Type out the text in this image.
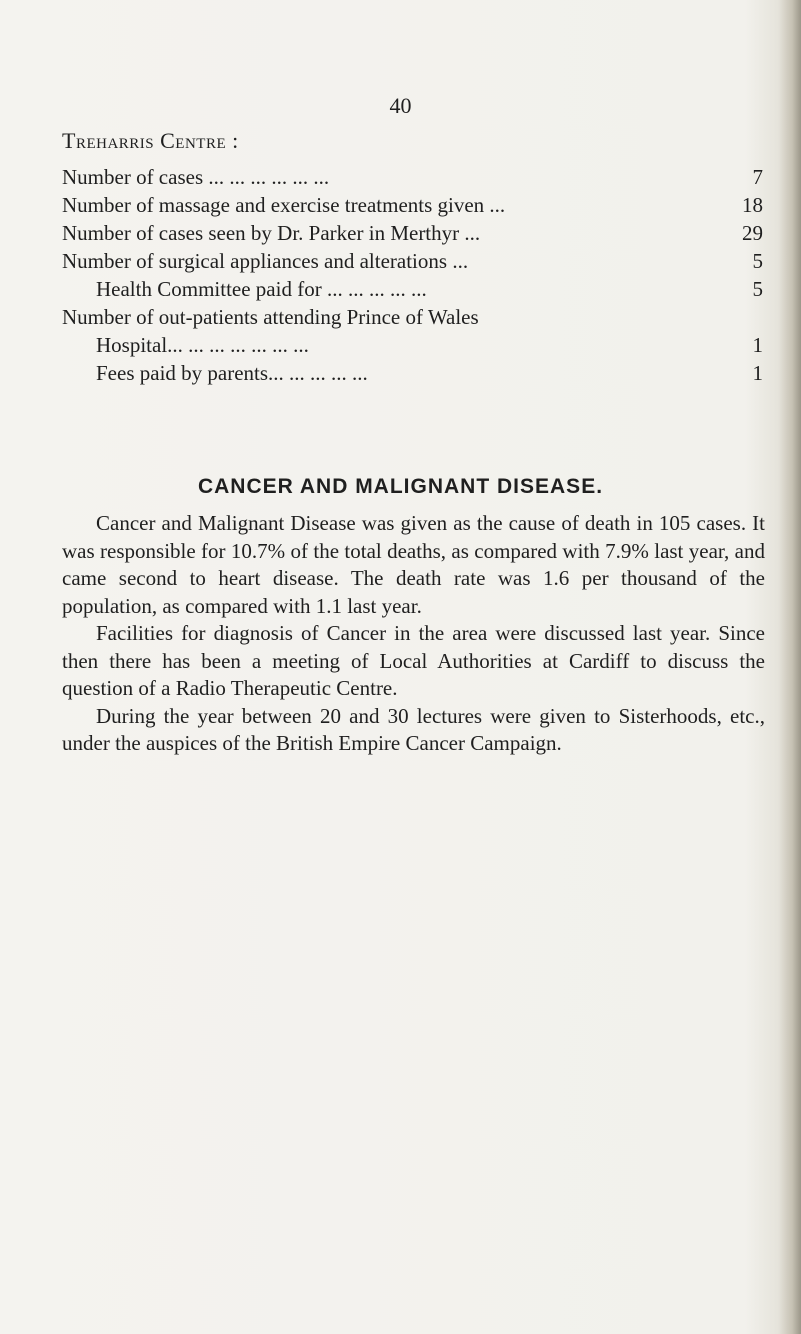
40
Treharris Centre :
Number of cases ... ... ... ... ... ...	7
Number of massage and exercise treatments given ...	18
Number of cases seen by Dr. Parker in Merthyr ...	29
Number of surgical appliances and alterations ...	5
Health Committee paid for ... ... ... ... ...	5
Number of out-patients attending Prince of Wales
Hospital... ... ... ... ... ... ...	1
Fees paid by parents... ... ... ... ...	1
CANCER AND MALIGNANT DISEASE.

Cancer and Malignant Disease was given as the cause of death in 105 cases. It was responsible for 10.7% of the total deaths, as compared with 7.9% last year, and came second to heart disease. The death rate was 1.6 per thousand of the population, as compared with 1.1 last year.

Facilities for diagnosis of Cancer in the area were discussed last year. Since then there has been a meeting of Local Authorities at Cardiff to discuss the question of a Radio Therapeutic Centre.

During the year between 20 and 30 lectures were given to Sisterhoods, etc., under the auspices of the British Empire Cancer Campaign.
